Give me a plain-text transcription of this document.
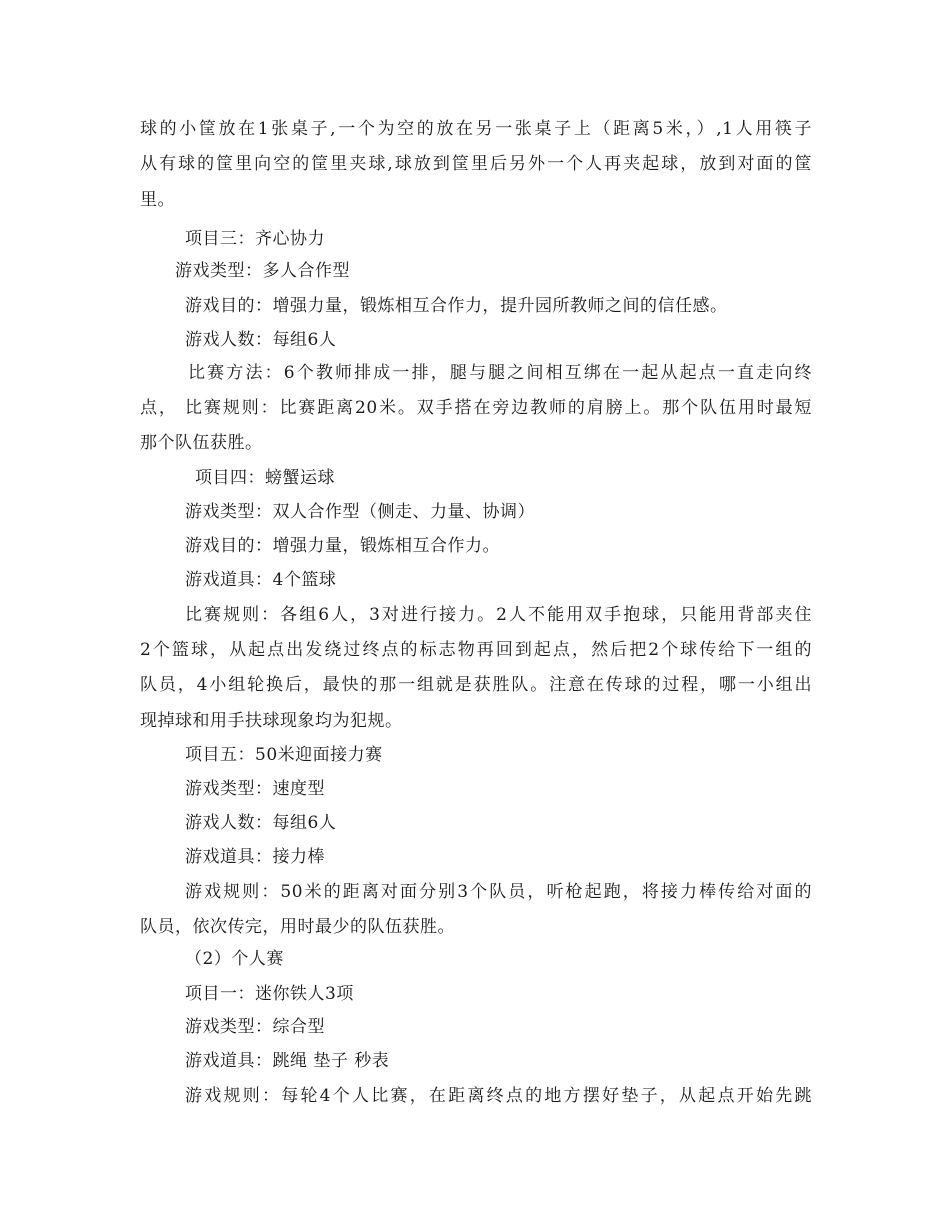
球的小筐放在1张桌子,一个为空的放在另一张桌子上（距离5米，）,1人用筷子
从有球的筐里向空的筐里夹球,球放到筐里后另外一个人再夹起球，放到对面的筐
里。
项目三：齐心协力
游戏类型：多人合作型
游戏目的：增强力量，锻炼相互合作力，提升园所教师之间的信任感。
游戏人数：每组6人
比赛方法：6个教师排成一排，腿与腿之间相互绑在一起从起点一直走向终
点， 比赛规则：比赛距离20米。双手搭在旁边教师的肩膀上。那个队伍用时最短
那个队伍获胜。
项目四：螃蟹运球
游戏类型：双人合作型（侧走、力量、协调）
游戏目的：增强力量，锻炼相互合作力。
游戏道具：4个篮球
比赛规则：各组6人，3对进行接力。2人不能用双手抱球，只能用背部夹住
2个篮球，从起点出发绕过终点的标志物再回到起点，然后把2个球传给下一组的
队员，4小组轮换后，最快的那一组就是获胜队。注意在传球的过程，哪一小组出
现掉球和用手扶球现象均为犯规。
项目五：50米迎面接力赛
游戏类型：速度型
游戏人数：每组6人
游戏道具：接力棒
游戏规则：50米的距离对面分别3个队员，听枪起跑，将接力棒传给对面的
队员，依次传完，用时最少的队伍获胜。
（2）个人赛
项目一：迷你铁人3项
游戏类型：综合型
游戏道具：跳绳 垫子 秒表
游戏规则：每轮4个人比赛，在距离终点的地方摆好垫子，从起点开始先跳
